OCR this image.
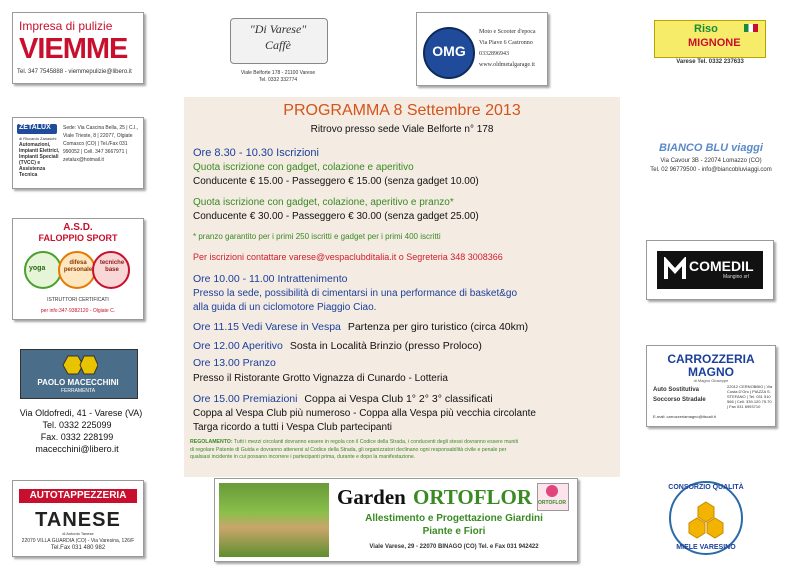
Impresa di pulizie
VIEMME
Tel. 347 7545888 - viemmepulizie@libero.it
ZETALUX
di Riccardo Zanaschi
Sede: Via Cascina Bella, 25 | C.I., Viale Trieste, 8 | 22077, Olgiate Comasco (CO) | Tel./Fax 031 990052 | Cell. 347 3667971 | zetalux@hotmail.it
Automazioni, Impianti Elettrici, Impianti Speciali (TVCC) e Assistenza Tecnica
A.S.D.
FALOPPIO SPORT
yoga
difesa personale
tecniche base
ISTRUTTORI CERTIFICATI
per info:347-9382120 - Olgiate C.
PAOLO MACECCHINI
FERRAMENTA
Via Oldofredi, 41 - Varese (VA)
Tel. 0332 225099
Fax. 0332 228199
macecchini@libero.it
AUTOTAPPEZZERIA
TANESE
di Antonio Tanese
22070 VILLA GUARDIA (CO) - Via Varesina, 126/F
Tel.Fax 031 480 982
"Di Varese"
Caffè
Viale Belforte 178 - 21100 Varese
Tel. 0332 332774
OMG
Moto e Scooter d'epoca
Via Piave 6 Castronno
0332896943
www.oldmetalgarage.it
Riso
MIGNONE
Varese Tel. 0332 237633
BIANCO BLU viaggi
Via Cavour 3B - 22074 Lomazzo (CO)
Tel. 02 96779500 - info@biancobluviaggi.com
COMEDIL
Mangino srl
CARROZZERIA
MAGNO
di Magno Giuseppe
Auto Sostitutiva
Soccorso Stradale
22012 CERNOBBIO | Via Costa D'Oro | PIAZZA S. STEFANO | Tel. 031 510 566 | Cell. 339.120.75.70 | Fax 031 6993710
E-mail: carrozzeriamagno@tiscali.it
CONSORZIO QUALITÀ
MIELE VARESINO
Garden ORTOFLOR	ORTOFLOR
Allestimento e Progettazione Giardini
Piante e Fiori
Viale Varese, 29 - 22070 BINAGO (CO) Tel. e Fax 031 942422
PROGRAMMA 8 Settembre 2013
Ritrovo presso sede Viale Belforte n° 178
Ore 8.30 - 10.30 Iscrizioni
Quota iscrizione con gadget, colazione e aperitivo
Conducente € 15.00 - Passeggero € 15.00 (senza gadget 10.00)
Quota iscrizione con gadget, colazione, aperitivo e pranzo*
Conducente € 30.00 - Passeggero € 30.00 (senza gadget 25.00)
* pranzo garantito per i primi 250 iscritti e gadget per i primi 400 iscritti
Per iscrizioni contattare varese@vespaclubditalia.it o Segreteria 348 3008366
Ore 10.00 - 11.00 Intrattenimento
Presso la sede, possibilità di cimentarsi in una performance di basket&go
alla guida di un ciclomotore Piaggio Ciao.
Ore 11.15 Vedi Varese in Vespa Partenza per giro turistico (circa 40km)
Ore 12.00 Aperitivo Sosta in Località Brinzio (presso Proloco)
Ore 13.00 Pranzo
Presso il Ristorante Grotto Vignazza di Cunardo - Lotteria
Ore 15.00 Premiazioni Coppa ai Vespa Club 1° 2° 3° classificati
Coppa al Vespa Club più numeroso - Coppa alla Vespa più vecchia circolante
Targa ricordo a tutti i Vespa Club partecipanti
REGOLAMENTO: Tutti i mezzi circolanti dovranno essere in regola con il Codice della Strada, i conducenti degli stessi dovranno essere muniti
di regolare Patente di Guida e dovranno attenersi al Codice della Strada, gli organizzatori declinano ogni responsabilità civile e penale per
qualsiasi incidente in cui possano incorrere i partecipanti prima, durante e dopo la manifestazione.
